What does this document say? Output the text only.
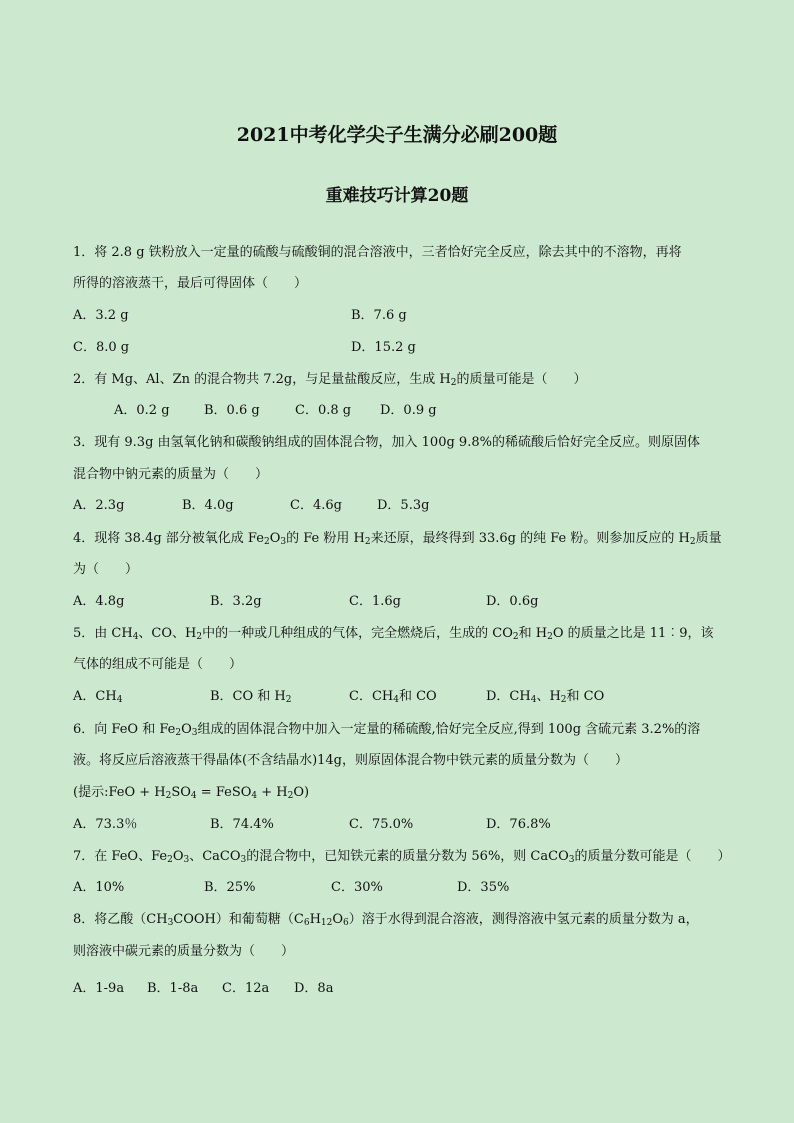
2021中考化学尖子生满分必刷200题
重难技巧计算20题
1．将 2.8 g 铁粉放入一定量的硫酸与硫酸铜的混合溶液中，三者恰好完全反应，除去其中的不溶物，再将
所得的溶液蒸干，最后可得固体（　　）
A．3.2 g	B．7.6 g
C．8.0 g	D．15.2 g
2．有 Mg、Al、Zn 的混合物共 7.2g，与足量盐酸反应，生成 $H_2$的质量可能是（　　）
A．0.2 g	B．0.6 g	C．0.8 g D．0.9 g
3．现有 9.3g 由氢氧化钠和碳酸钠组成的固体混合物，加入 100g 9.8%的稀硫酸后恰好完全反应。则原固体
混合物中钠元素的质量为（　　）
A．2.3g	B．4.0g	C．4.6g	D．5.3g
4．现将 38.4g 部分被氧化成 $Fe_2O_3$的 Fe 粉用 $H_2$来还原，最终得到 33.6g 的纯 Fe 粉。则参加反应的 $H_2$质量
为（　　）
A．4.8g	B．3.2g	C．1.6g	D．0.6g
5．由 $CH_4$、CO、$H_2$中的一种或几种组成的气体，完全燃烧后，生成的 $CO_2$和 $H_2O$ 的质量之比是 11︰9，该
气体的组成不可能是（　　）
A．$CH_4$	B．CO 和 $H_2$	C．$CH_4$和 CO	D．$CH_4$、$H_2$和 CO
6．向 FeO 和 $Fe_2O_3$组成的固体混合物中加入一定量的稀硫酸,恰好完全反应,得到 100g 含硫元素 3.2%的溶
液。将反应后溶液蒸干得晶体(不含结晶水)14g，则原固体混合物中铁元素的质量分数为（　　）
(提示:FeO + $H_2SO_4$ = FeSO$_4$ + $H_2O$)
A．73.3％	B．74.4%	C．75.0%	D．76.8%
7．在 FeO、$Fe_2O_3$、CaCO$_3$的混合物中，已知铁元素的质量分数为 56%，则 CaCO$_3$的质量分数可能是（　　）
A．10%	B．25%	C．30%	D．35%
8．将乙酸$(CH_3COOH)$和葡萄糖$(C_6H_{12}O_6)$溶于水得到混合溶液，测得溶液中氢元素的质量分数为 a，
则溶液中碳元素的质量分数为（　　）
A．1-9a B．1-8a C．12a D．8a
